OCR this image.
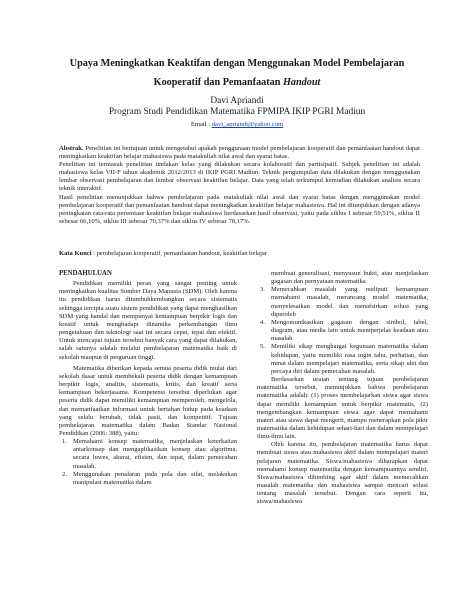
Upaya Meningkatkan Keaktifan dengan Menggunakan Model Pembelajaran
Kooperatif dan Pemanfaatan Handout
Davi Apriandi
Program Studi Pendidikan Matematika FPMIPA IKIP PGRI Madiun
Email : davi_apriandi@yahoo.com

Abstrak. Penelitian ini bertujuan untuk mengetahui apakah penggunaan model pembelajaran kooperatif dan pemanfaatan handout dapat meningkatkan keaktifan belajar mahasiswa pada matakuliah nilai awal dan syarat batas.

Penelitian ini termasuk penelitian tindakan kelas yang dilakukan secara kolaboratif dan partisipatif. Subjek penelitian ini adalah mahasiswa kelas VII-F tahun akademik 2012/2013 di IKIP PGRI Madiun. Teknik pengumpulan data dilakukan dengan menggunakan lembar observasi pembelajaran dan lembar observasi keaktifan belajar. Data yang telah terkumpul kemudian dilakukan analisis secara teknik interaktif.

Hasil penelitian menunjukkan bahwa pembelajaran pada matakuliah nilai awal dan syarat batas dengan menggunakan model pembelajaran kooperatif dan pemanfaatan handout dapat meningkatkan keaktifan belajar mahasiswa. Hal ini ditunjukkan dengan adanya peningkatan rata-rata persentase keaktifan belajar mahasiswa berdasarkan hasil observasi, yaitu pada siklus I sebesar 59,51%, siklus II sebesar 66,10%, siklus III sebesar 70,37% dan siklus IV sebesar 78,17%.

Kata Kunci : pembelajaran kooperatif, pemanfaatan handout, keaktifan belajar
PENDAHULUAN

Pendidikan memiliki peran yang sangat penting untuk meningkatkan kualitas Sumber Daya Manusia (SDM). Oleh karena itu pendidikan harus ditumbuhkembangkan secara sistematis sehingga tercipta suatu sistem pendidikan yang dapat menghasilkan SDM yang handal dan mempunyai kemampuan berpikir logis dan kreatif untuk menghadapi dinamika perkembangan ilmu pengetahuan dan teknologi saat ini secara cepat, tepat dan efektif. Untuk mencapai tujuan tersebut banyak cara yang dapat dilakukan, salah satunya adalah melalui pembelajaran matematika baik di sekolah maupun di perguruan tinggi.

Matematika diberikan kepada semua peserta didik mulai dari sekolah dasar untuk membekali peserta didik dengan kemampuan berpikir logis, analitis, sistematis, kritis, dan kreatif serta kemampuan bekerjasama. Kompetensi tersebut diperlukan agar peserta didik dapat memiliki kemampuan memperoleh, mengelola, dan memanfaatkan informasi untuk bertahan hidup pada keadaan yang selalu berubah, tidak pasti, dan kompetitif. Tujuan pembelajaran matematika dalam Badan Standar Nasional Pendidikan (2006: 388), yaitu:

1. Memahami konsep matematika, menjelaskan keterkaitan antarkonsep dan mengaplikasikan konsep atau algoritma, secara luwes, akurat, efisien, dan tepat, dalam pemecahan masalah.
2. Menggunakan penalaran pada pola dan sifat, melakukan manipulasi matematika dalam
membuat generalisasi, menyusun bukti, atau menjelaskan gagasan dan pernyataan matematika
3. Memecahkan masalah yang meliputi kemampuan memahami masalah, merancang model matematika, menyelesaikan model dan menafsirkan solusi yang diperoleh
4. Mengomunikasikan gagasan dengan simbol, tabel, diagram, atau media lain untuk memperjelas keadaan atau masalah
5. Memiliki sikap menghargai kegunaan matematika dalam kehidupan, yaitu memiliki rasa ingin tahu, perhatian, dan minat dalam mempelajari matematika, serta sikap ulet dan percaya diri dalam pemecahan masalah.

Berdasarkan uraian tentang tujuan pembelajaran matematika tersebut, menunjukkan bahwa pembelajaran matematika adalah: (1) proses membelajarkan siswa agar siswa dapat memiliki kemampuan untuk berpikir matematis, (2) mengembangkan kemampuan siswa agar dapat memahami materi atau siswa dapat mengerti, mampu menerapkan pola pikir matematika dalam kehidupan sehari-hari dan dalam mempelajari ilmu-ilmu lain.

Oleh karena itu, pembelajaran matematika harus dapat membuat siswa atau mahasiswa aktif dalam mempelajari materi pelajaran matematika. Siswa/mahasiswa diharapkan dapat memahami konsep matematika dengan kemampuannya sendiri. Siswa/mahasiswa dibimbing agar aktif dalam memecahkan masalah matematika dan mahasiswa sampai mencari solusi tentang masalah tersebut. Dengan cara seperti itu, siswa/mahasiswa
